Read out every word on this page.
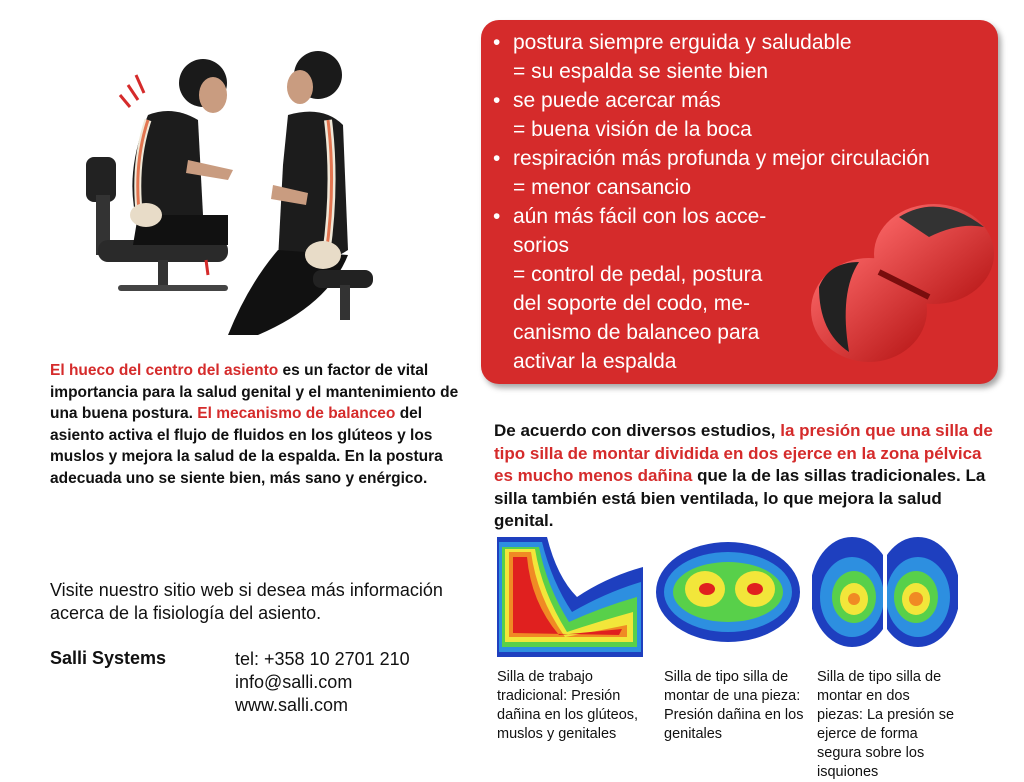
El hueco del centro del asiento es un factor de vital importancia para la salud genital y el mantenimiento de una buena postura. El mecanismo de balanceo del asiento activa el flujo de fluidos en los glúteos y los muslos y mejora la salud de la espalda. En la postura adecuada uno se siente bien, más sano y enérgico.
Visite nuestro sitio web si desea más información acerca de la fisiología del asiento.
Salli Systems	tel: +358 10 2701 210
info@salli.com
www.salli.com
• postura siempre erguida y saludable
= su espalda se siente bien
• se puede acercar más
= buena visión de la boca
• respiración más profunda y mejor circulación
= menor cansancio
• aún más fácil con los acce-
sorios
= control de pedal, postura
del soporte del codo, me-
canismo de balanceo para
activar la espalda
De acuerdo con diversos estudios, la presión que una silla de tipo silla de montar dividida en dos ejerce en la zona pélvica es mucho menos dañina que la de las sillas tradicionales. La silla también está bien ventilada, lo que mejora la salud genital.
Silla de trabajo tradicional: Presión dañina en los glúteos, muslos y genitales
Silla de tipo silla de montar de una pieza: Presión dañina en los genitales
Silla de tipo silla de montar en dos piezas: La presión se ejerce de forma segura sobre los isquiones
